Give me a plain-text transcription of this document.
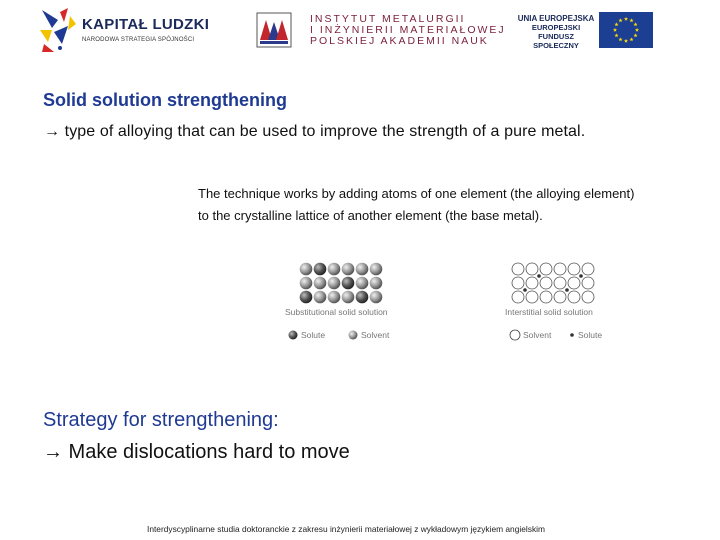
KAPITAŁ LUDZKI
NARODOWA STRATEGIA SPÓJNOŚCI
INSTYTUT METALURGII
I INŻYNIERII MATERIAŁOWEJ
POLSKIEJ AKADEMII NAUK
UNIA EUROPEJSKA
EUROPEJSKI
FUNDUSZ SPOŁECZNY
Solid solution strengthening
→ type of alloying that can be used to improve the strength of a pure metal.
The technique works by adding atoms of one element (the alloying element)
to the crystalline lattice of another element (the base metal).
Substitutional solid solution
Solute	Solvent
Interstitial solid solution
Solvent	Solute
Strategy for strengthening:
→ Make dislocations hard to move
Interdyscyplinarne studia doktoranckie z zakresu inżynierii materiałowej z wykładowym językiem angielskim
